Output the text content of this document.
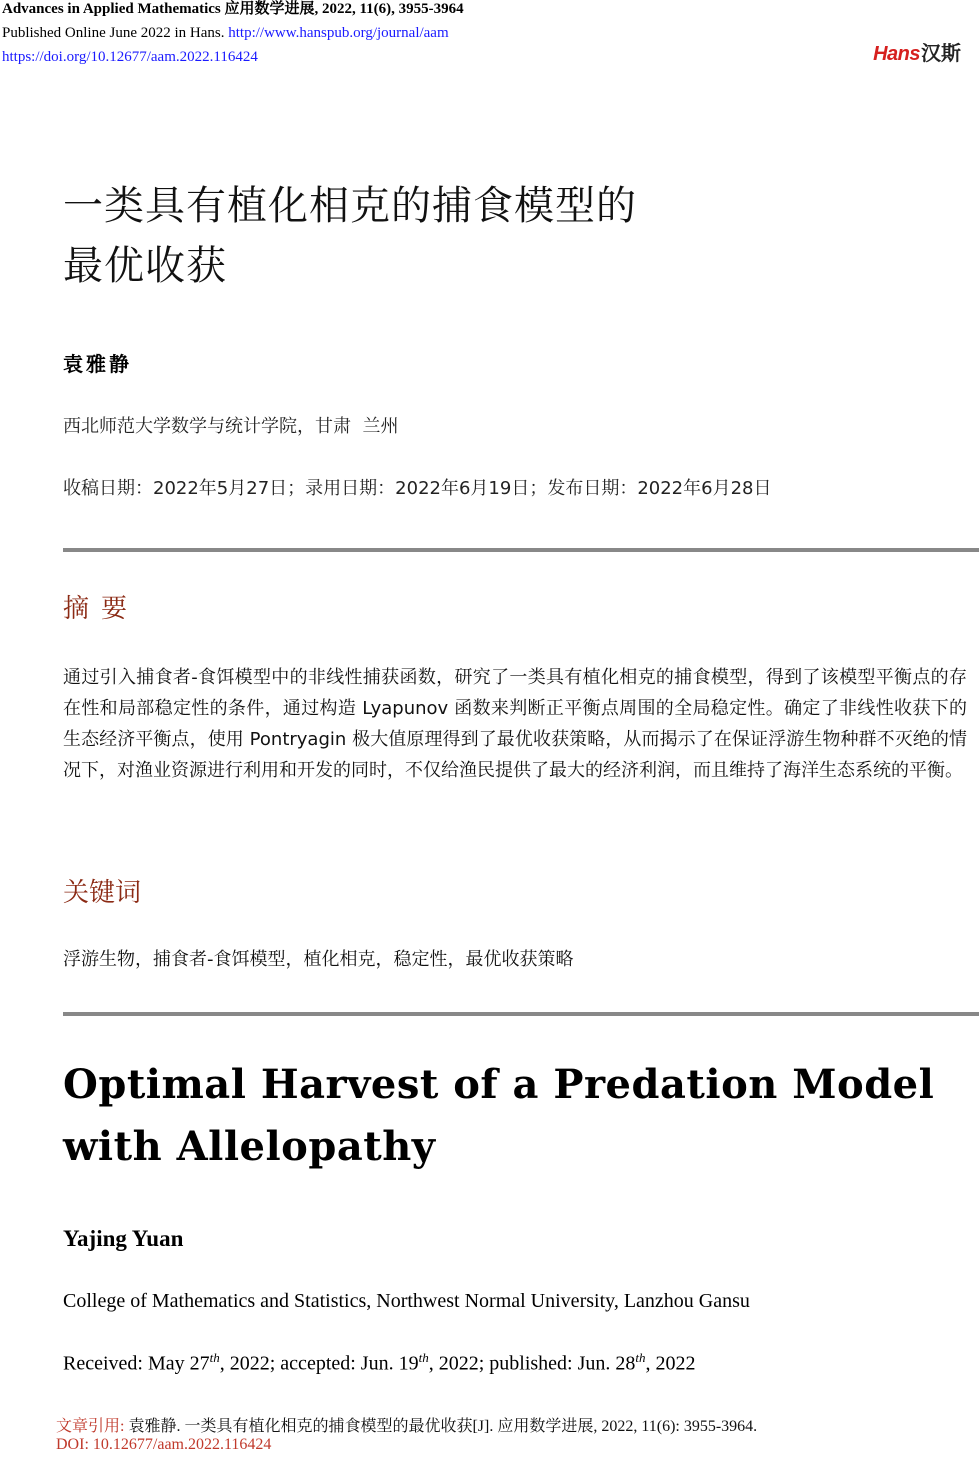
Advances in Applied Mathematics 应用数学进展, 2022, 11(6), 3955-3964
Published Online June 2022 in Hans. http://www.hanspub.org/journal/aam
https://doi.org/10.12677/aam.2022.116424	Hans汉斯
一类具有植化相克的捕食模型的
最优收获
袁雅静
西北师范大学数学与统计学院，甘肃  兰州
收稿日期：2022年5月27日；录用日期：2022年6月19日；发布日期：2022年6月28日
摘要

通过引入捕食者-食饵模型中的非线性捕获函数，研究了一类具有植化相克的捕食模型，得到了该模型平衡点的存在性和局部稳定性的条件，通过构造 Lyapunov 函数来判断正平衡点周围的全局稳定性。确定了非线性收获下的生态经济平衡点，使用 Pontryagin 极大值原理得到了最优收获策略，从而揭示了在保证浮游生物种群不灭绝的情况下，对渔业资源进行利用和开发的同时，不仅给渔民提供了最大的经济利润，而且维持了海洋生态系统的平衡。

关键词
浮游生物，捕食者-食饵模型，植化相克，稳定性，最优收获策略
Optimal Harvest of a Predation Model
with Allelopathy
Yajing Yuan
College of Mathematics and Statistics, Northwest Normal University, Lanzhou Gansu
Received: May 27th, 2022; accepted: Jun. 19th, 2022; published: Jun. 28th, 2022
文章引用: 袁雅静. 一类具有植化相克的捕食模型的最优收获[J]. 应用数学进展, 2022, 11(6): 3955-3964.
DOI: 10.12677/aam.2022.116424
